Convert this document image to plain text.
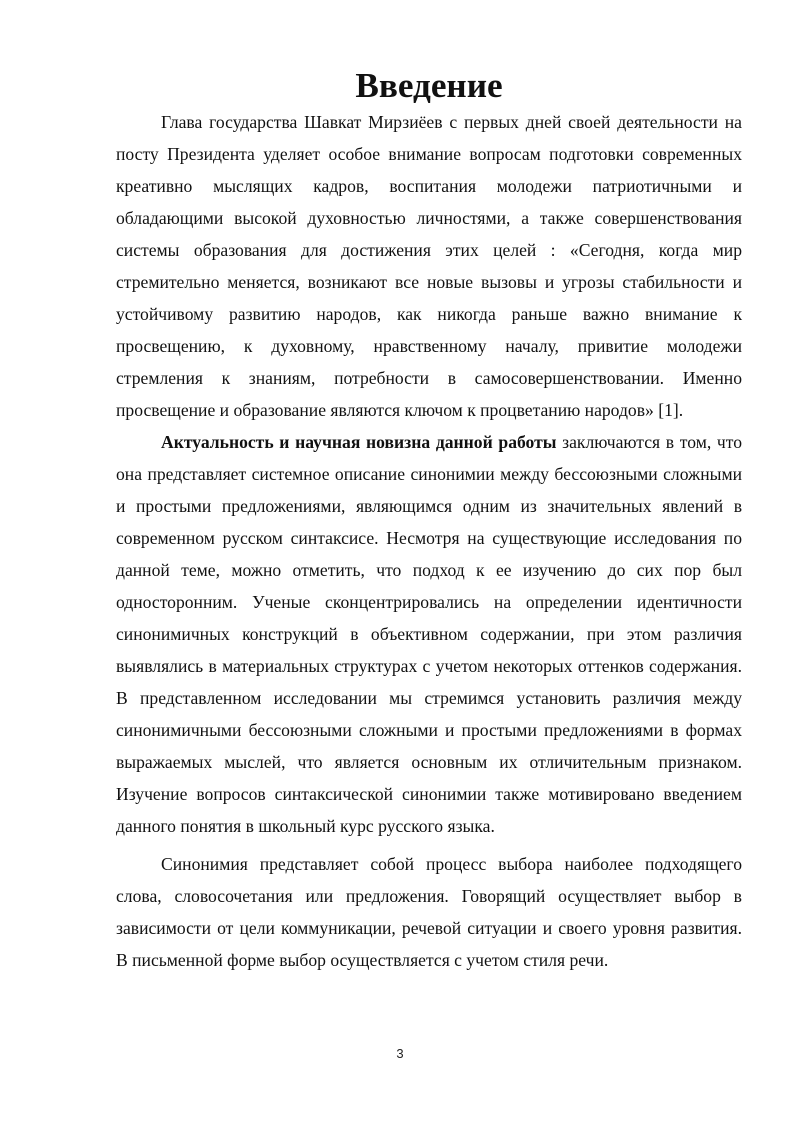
Введение

Глава государства Шавкат Мирзиёев с первых дней своей деятельности на посту Президента уделяет особое внимание вопросам подготовки современных креативно мыслящих кадров, воспитания молодежи патриотичными и обладающими высокой духовностью личностями, а также совершенствования системы образования для достижения этих целей : «Сегодня, когда мир стремительно меняется, возникают все новые вызовы и угрозы стабильности и устойчивому развитию народов, как никогда раньше важно внимание к просвещению, к духовному, нравственному началу, привитие молодежи стремления к знаниям, потребности в самосовершенствовании. Именно просвещение и образование являются ключом к процветанию народов» [1].

Актуальность и научная новизна данной работы заключаются в том, что она представляет системное описание синонимии между бессоюзными сложными и простыми предложениями, являющимся одним из значительных явлений в современном русском синтаксисе. Несмотря на существующие исследования по данной теме, можно отметить, что подход к ее изучению до сих пор был односторонним. Ученые сконцентрировались на определении идентичности синонимичных конструкций в объективном содержании, при этом различия выявлялись в материальных структурах с учетом некоторых оттенков содержания. В представленном исследовании мы стремимся установить различия между синонимичными бессоюзными сложными и простыми предложениями в формах выражаемых мыслей, что является основным их отличительным признаком. Изучение вопросов синтаксической синонимии также мотивировано введением данного понятия в школьный курс русского языка.

Синонимия представляет собой процесс выбора наиболее подходящего слова, словосочетания или предложения. Говорящий осуществляет выбор в зависимости от цели коммуникации, речевой ситуации и своего уровня развития. В письменной форме выбор осуществляется с учетом стиля речи.

3
